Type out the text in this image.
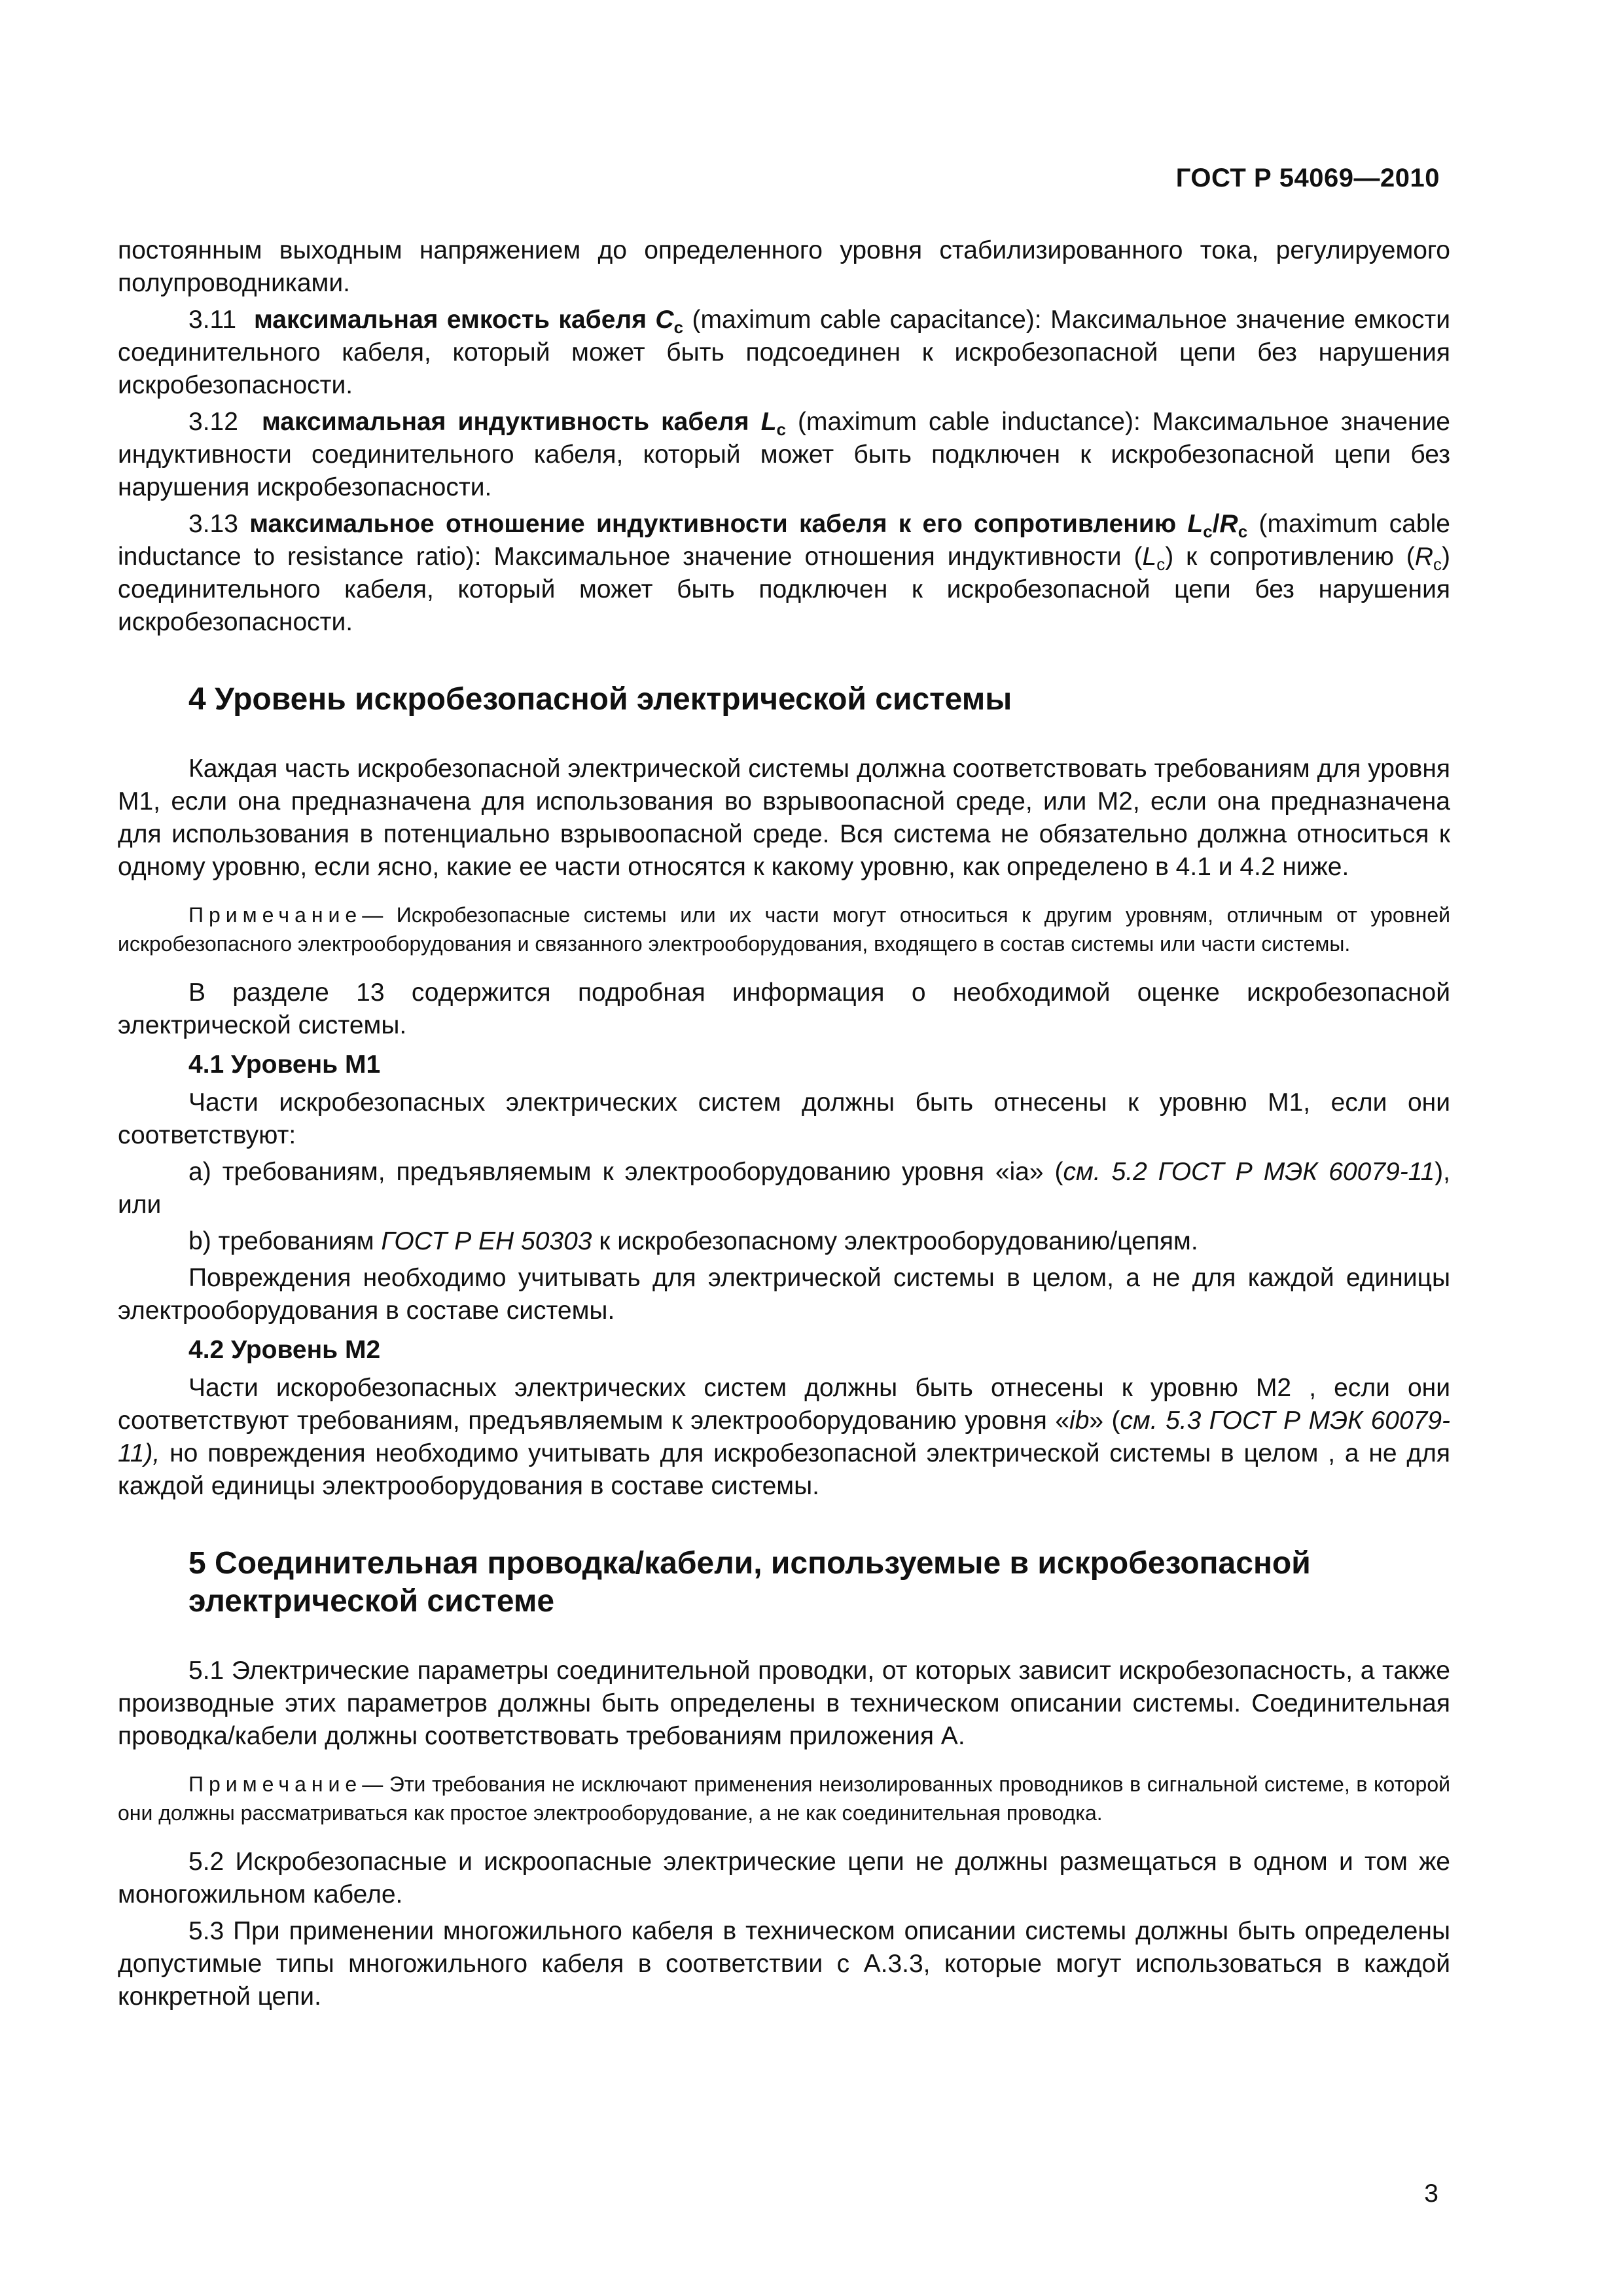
ГОСТ Р 54069—2010

постоянным выходным напряжением до определенного уровня стабилизированного тока, регулируемого полупроводниками.

3.11 максимальная емкость кабеля $C_c$ (maximum cable capacitance): Максимальное значение емкости соединительного кабеля, который может быть подсоединен к искробезопасной цепи без нарушения искробезопасности.

3.12 максимальная индуктивность кабеля $L_c$ (maximum cable inductance): Максимальное значение индуктивности соединительного кабеля, который может быть подключен к искробезопасной цепи без нарушения искробезопасности.

3.13 максимальное отношение индуктивности кабеля к его сопротивлению $L_c/R_c$ (maximum cable inductance to resistance ratio): Максимальное значение отношения индуктивности $(L_c)$ к сопротивлению $(R_c)$ соединительного кабеля, который может быть подключен к искробезопасной цепи без нарушения искробезопасности.

4 Уровень искробезопасной электрической системы

Каждая часть искробезопасной электрической системы должна соответствовать требованиям для уровня М1, если она предназначена для использования во взрывоопасной среде, или М2, если она предназначена для использования в потенциально взрывоопасной среде. Вся система не обязательно должна относиться к одному уровню, если ясно, какие ее части относятся к какому уровню, как определено в 4.1 и 4.2 ниже.

Примечание— Искробезопасные системы или их части могут относиться к другим уровням, отличным от уровней искробезопасного электрооборудования и связанного электрооборудования, входящего в состав системы или части системы.

В разделе 13 содержится подробная информация о необходимой оценке искробезопасной электрической системы.

4.1 Уровень М1

Части искробезопасных электрических систем должны быть отнесены к уровню М1, если они соответствуют:

а) требованиям, предъявляемым к электрооборудованию уровня «ia» (см. 5.2 ГОСТ Р МЭК 60079-11), или

b) требованиям ГОСТ Р ЕН 50303 к искробезопасному электрооборудованию/цепям.

Повреждения необходимо учитывать для электрической системы в целом, а не для каждой единицы электрооборудования в составе системы.

4.2 Уровень М2

Части искоробезопасных электрических систем должны быть отнесены к уровню М2 , если они соответствуют требованиям, предъявляемым к электрооборудованию уровня «ib» (см. 5.3 ГОСТ Р МЭК 60079-11), но повреждения необходимо учитывать для искробезопасной электрической системы в целом , а не для каждой единицы электрооборудования в составе системы.

5 Соединительная проводка/кабели, используемые в искробезопасной электрической системе

5.1 Электрические параметры соединительной проводки, от которых зависит искробезопасность, а также производные этих параметров должны быть определены в техническом описании системы. Соединительная проводка/кабели должны соответствовать требованиям приложения А.

Примечание— Эти требования не исключают применения неизолированных проводников в сигнальной системе, в которой они должны рассматриваться как простое электрооборудование, а не как соединительная проводка.

5.2 Искробезопасные и искроопасные электрические цепи не должны размещаться в одном и том же моногожильном кабеле.

5.3 При применении многожильного кабеля в техническом описании системы должны быть определены допустимые типы многожильного кабеля в соответствии с А.3.3, которые могут использоваться в каждой конкретной цепи.

3
